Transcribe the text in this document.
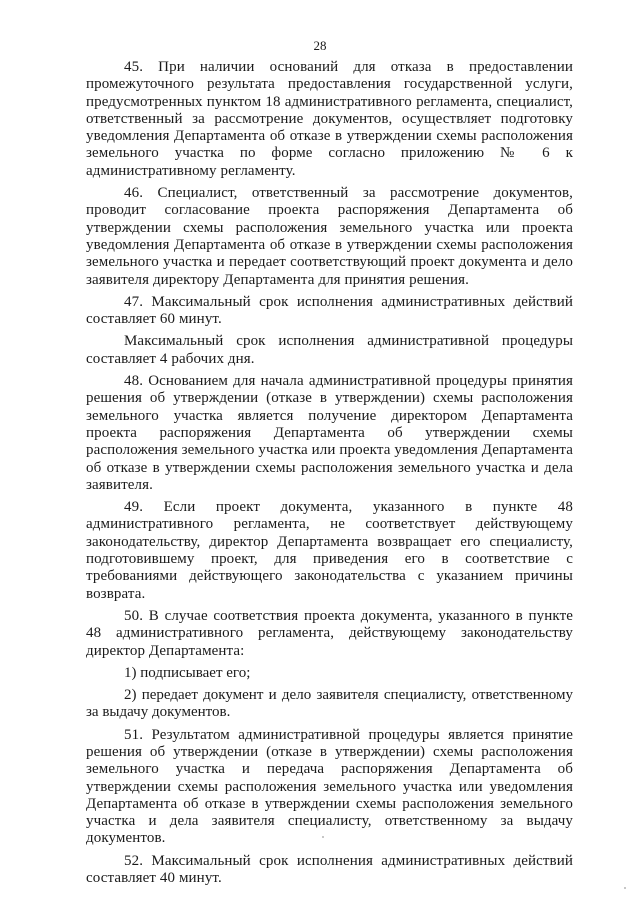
28

45. При наличии оснований для отказа в предоставлении промежуточного результата предоставления государственной услуги, предусмотренных пунктом 18 административного регламента, специалист, ответственный за рассмотрение документов, осуществляет подготовку уведомления Департамента об отказе в утверждении схемы расположения земельного участка по форме согласно приложению № 6 к административному регламенту.

46. Специалист, ответственный за рассмотрение документов, проводит согласование проекта распоряжения Департамента об утверждении схемы расположения земельного участка или проекта уведомления Департамента об отказе в утверждении схемы расположения земельного участка и передает соответствующий проект документа и дело заявителя директору Департамента для принятия решения.

47. Максимальный срок исполнения административных действий составляет 60 минут.

Максимальный срок исполнения административной процедуры составляет 4 рабочих дня.

48. Основанием для начала административной процедуры принятия решения об утверждении (отказе в утверждении) схемы расположения земельного участка является получение директором Департамента проекта распоряжения Департамента об утверждении схемы расположения земельного участка или проекта уведомления Департамента об отказе в утверждении схемы расположения земельного участка и дела заявителя.

49. Если проект документа, указанного в пункте 48 административного регламента, не соответствует действующему законодательству, директор Департамента возвращает его специалисту, подготовившему проект, для приведения его в соответствие с требованиями действующего законодательства с указанием причины возврата.

50. В случае соответствия проекта документа, указанного в пункте 48 административного регламента, действующему законодательству директор Департамента:

1) подписывает его;

2) передает документ и дело заявителя специалисту, ответственному за выдачу документов.

51. Результатом административной процедуры является принятие решения об утверждении (отказе в утверждении) схемы расположения земельного участка и передача распоряжения Департамента об утверждении схемы расположения земельного участка или уведомления Департамента об отказе в утверждении схемы расположения земельного участка и дела заявителя специалисту, ответственному за выдачу документов.

52. Максимальный срок исполнения административных действий составляет 40 минут.
